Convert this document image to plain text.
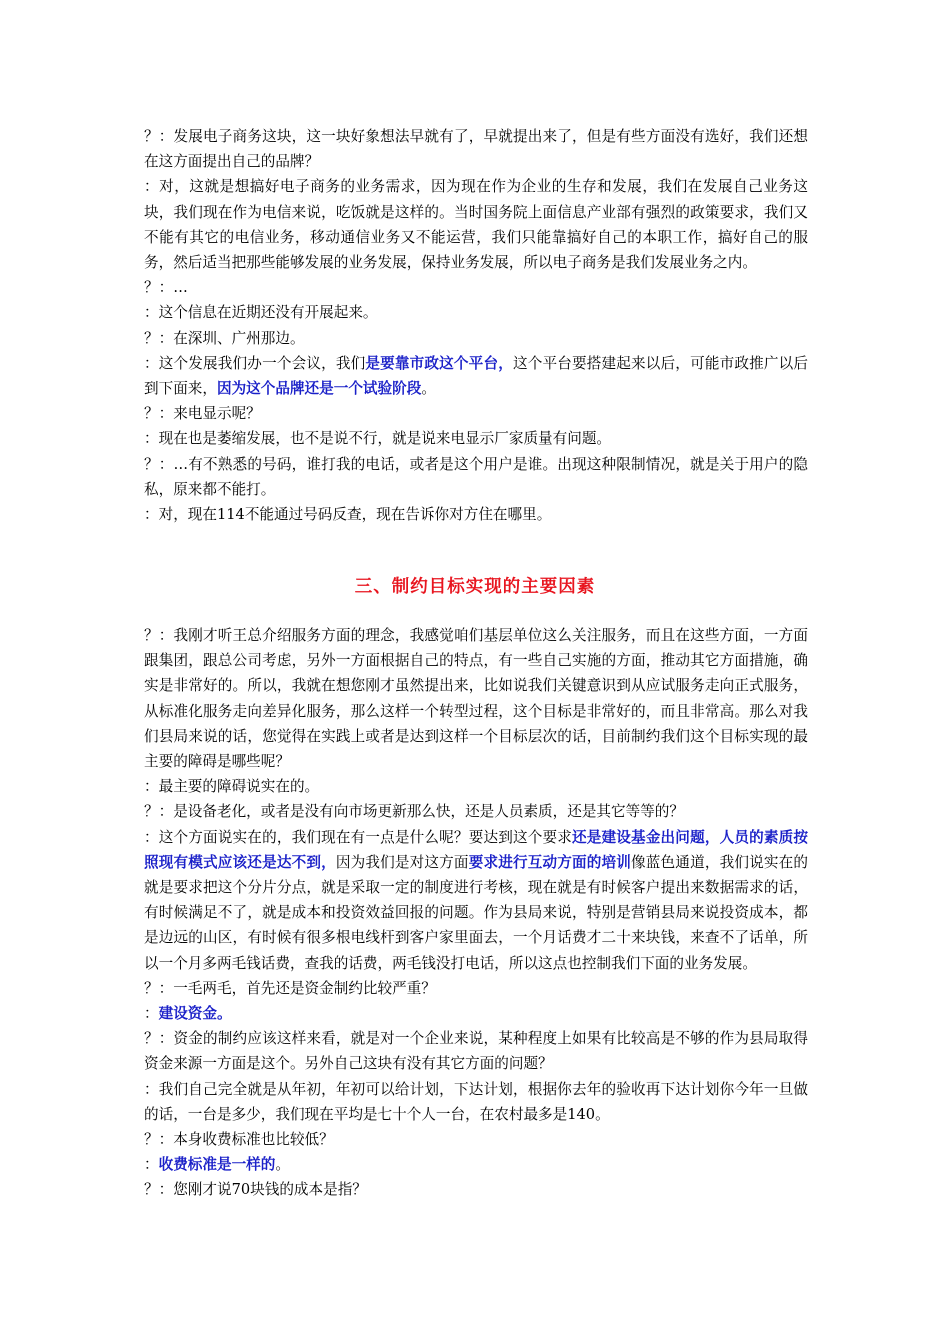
？：发展电子商务这块，这一块好象想法早就有了，早就提出来了，但是有些方面没有选好，我们还想在这方面提出自己的品牌？

：对，这就是想搞好电子商务的业务需求，因为现在作为企业的生存和发展，我们在发展自己业务这块，我们现在作为电信来说，吃饭就是这样的。当时国务院上面信息产业部有强烈的政策要求，我们又不能有其它的电信业务，移动通信业务又不能运营，我们只能靠搞好自己的本职工作，搞好自己的服务，然后适当把那些能够发展的业务发展，保持业务发展，所以电子商务是我们发展业务之内。

？：…

：这个信息在近期还没有开展起来。

？：在深圳、广州那边。

：这个发展我们办一个会议，我们是要靠市政这个平台，这个平台要搭建起来以后，可能市政推广以后到下面来，因为这个品牌还是一个试验阶段。

？：来电显示呢？

：现在也是萎缩发展，也不是说不行，就是说来电显示厂家质量有问题。

？：…有不熟悉的号码，谁打我的电话，或者是这个用户是谁。出现这种限制情况，就是关于用户的隐私，原来都不能打。

：对，现在114不能通过号码反查，现在告诉你对方住在哪里。

三、制约目标实现的主要因素

？：我刚才听王总介绍服务方面的理念，我感觉咱们基层单位这么关注服务，而且在这些方面，一方面跟集团，跟总公司考虑，另外一方面根据自己的特点，有一些自己实施的方面，推动其它方面措施，确实是非常好的。所以，我就在想您刚才虽然提出来，比如说我们关键意识到从应试服务走向正式服务，从标准化服务走向差异化服务，那么这样一个转型过程，这个目标是非常好的，而且非常高。那么对我们县局来说的话，您觉得在实践上或者是达到这样一个目标层次的话，目前制约我们这个目标实现的最主要的障碍是哪些呢？

：最主要的障碍说实在的。

？：是设备老化，或者是没有向市场更新那么快，还是人员素质，还是其它等等的？

：这个方面说实在的，我们现在有一点是什么呢？要达到这个要求还是建设基金出问题，人员的素质按照现有模式应该还是达不到，因为我们是对这方面要求进行互动方面的培训像蓝色通道，我们说实在的就是要求把这个分片分点，就是采取一定的制度进行考核，现在就是有时候客户提出来数据需求的话，有时候满足不了，就是成本和投资效益回报的问题。作为县局来说，特别是营销县局来说投资成本，都是边远的山区，有时候有很多根电线杆到客户家里面去，一个月话费才二十来块钱，来查不了话单，所以一个月多两毛钱话费，查我的话费，两毛钱没打电话，所以这点也控制我们下面的业务发展。

？：一毛两毛，首先还是资金制约比较严重？

：建设资金。

？：资金的制约应该这样来看，就是对一个企业来说，某种程度上如果有比较高是不够的作为县局取得资金来源一方面是这个。另外自己这块有没有其它方面的问题？

：我们自己完全就是从年初，年初可以给计划，下达计划，根据你去年的验收再下达计划你今年一旦做的话，一台是多少，我们现在平均是七十个人一台，在农村最多是140。

？：本身收费标准也比较低？

：收费标准是一样的。

？：您刚才说70块钱的成本是指？
